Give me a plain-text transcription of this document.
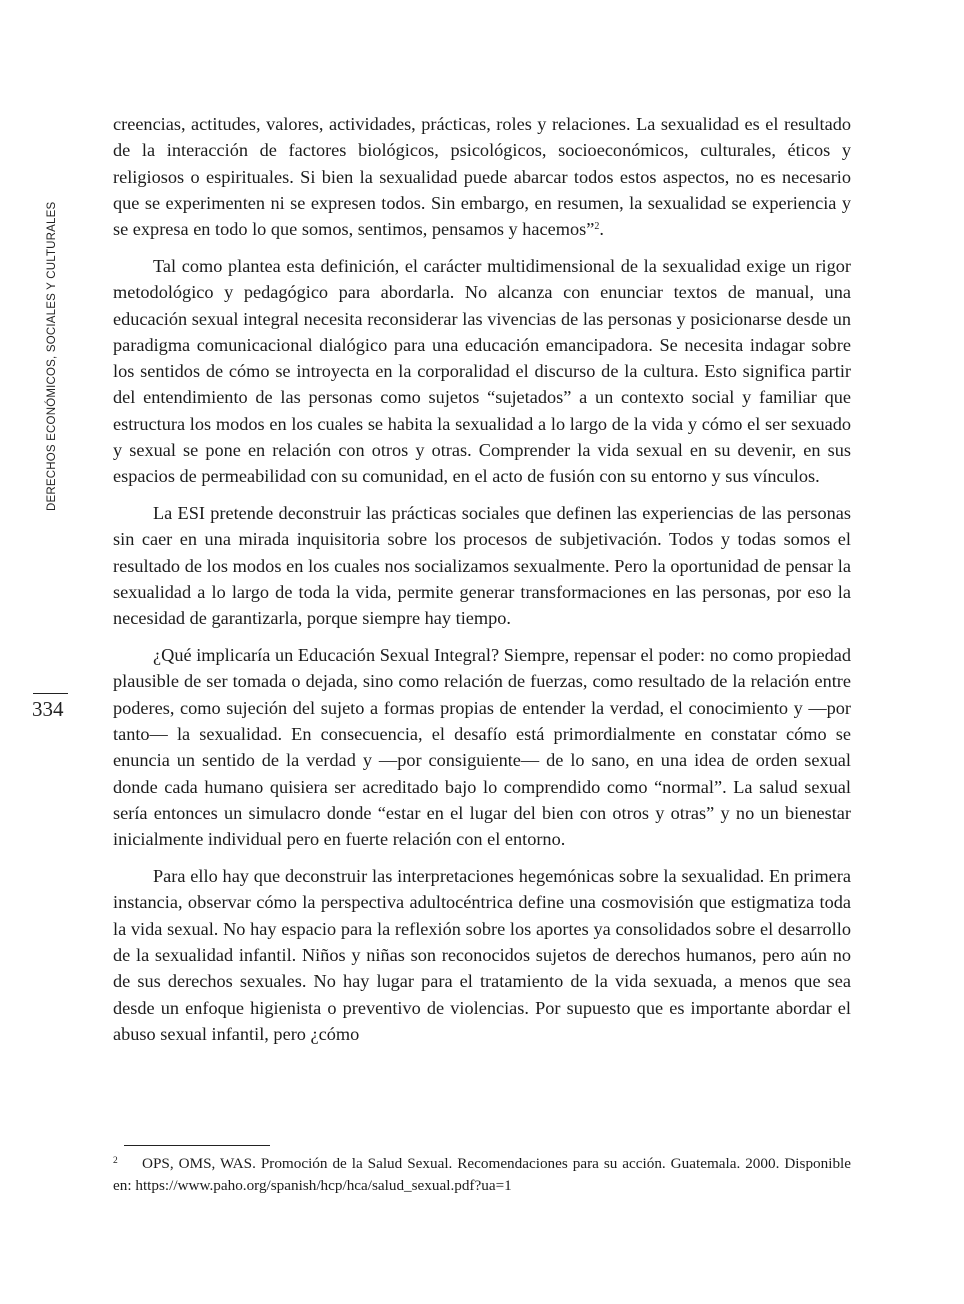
DERECHOS ECONÓMICOS, SOCIALES Y CULTURALES
334

creencias, actitudes, valores, actividades, prácticas, roles y relaciones. La sexualidad es el resultado de la interacción de factores biológicos, psicológicos, socioeconómicos, culturales, éticos y religiosos o espirituales. Si bien la sexualidad puede abarcar todos estos aspectos, no es necesario que se experimenten ni se expresen todos. Sin embargo, en resumen, la sexualidad se experiencia y se expresa en todo lo que somos, sentimos, pensamos y hacemos”$^2$.

Tal como plantea esta definición, el carácter multidimensional de la sexualidad exige un rigor metodológico y pedagógico para abordarla. No alcanza con enunciar textos de manual, una educación sexual integral necesita reconsiderar las vivencias de las personas y posicionarse desde un paradigma comunicacional dialógico para una educación emancipadora. Se necesita indagar sobre los sentidos de cómo se introyecta en la corporalidad el discurso de la cultura. Esto significa partir del entendimiento de las personas como sujetos “sujetados” a un contexto social y familiar que estructura los modos en los cuales se habita la sexualidad a lo largo de la vida y cómo el ser sexuado y sexual se pone en relación con otros y otras. Comprender la vida sexual en su devenir, en sus espacios de permeabilidad con su comunidad, en el acto de fusión con su entorno y sus vínculos.

La ESI pretende deconstruir las prácticas sociales que definen las experiencias de las personas sin caer en una mirada inquisitoria sobre los procesos de subjetivación. Todos y todas somos el resultado de los modos en los cuales nos socializamos sexualmente. Pero la oportunidad de pensar la sexualidad a lo largo de toda la vida, permite generar transformaciones en las personas, por eso la necesidad de garantizarla, porque siempre hay tiempo.

¿Qué implicaría un Educación Sexual Integral? Siempre, repensar el poder: no como propiedad plausible de ser tomada o dejada, sino como relación de fuerzas, como resultado de la relación entre poderes, como sujeción del sujeto a formas propias de entender la verdad, el conocimiento y —por tanto— la sexualidad. En consecuencia, el desafío está primordialmente en constatar cómo se enuncia un sentido de la verdad y —por consiguiente— de lo sano, en una idea de orden sexual donde cada humano quisiera ser acreditado bajo lo comprendido como “normal”. La salud sexual sería entonces un simulacro donde “estar en el lugar del bien con otros y otras” y no un bienestar inicialmente individual pero en fuerte relación con el entorno.

Para ello hay que deconstruir las interpretaciones hegemónicas sobre la sexualidad. En primera instancia, observar cómo la perspectiva adultocéntrica define una cosmovisión que estigmatiza toda la vida sexual. No hay espacio para la reflexión sobre los aportes ya consolidados sobre el desarrollo de la sexualidad infantil. Niños y niñas son reconocidos sujetos de derechos humanos, pero aún no de sus derechos sexuales. No hay lugar para el tratamiento de la vida sexuada, a menos que sea desde un enfoque higienista o preventivo de violencias. Por supuesto que es importante abordar el abuso sexual infantil, pero ¿cómo

2	OPS, OMS, WAS. Promoción de la Salud Sexual. Recomendaciones para su acción. Guatemala. 2000. Disponible en: https://www.paho.org/spanish/hcp/hca/salud_sexual.pdf?ua=1
